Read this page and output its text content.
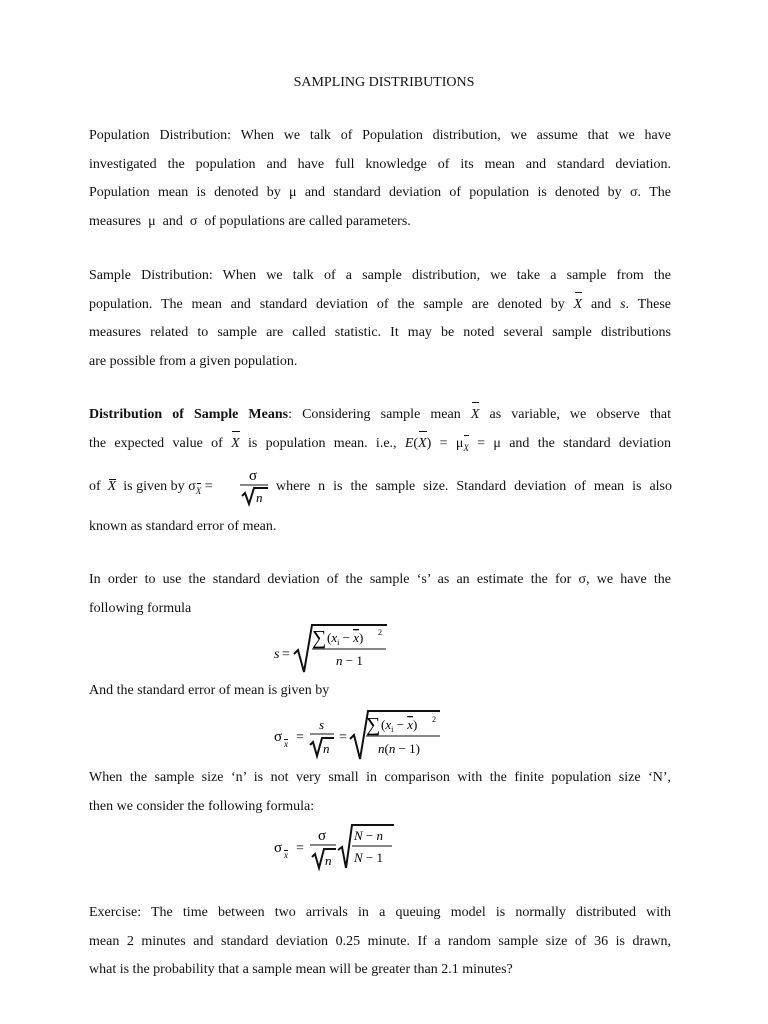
SAMPLING DISTRIBUTIONS
Population Distribution: When we talk of Population distribution, we assume that we have
investigated the population and have full knowledge of its mean and standard deviation.
Population mean is denoted by μ and standard deviation of population is denoted by σ. The
measures μ and σ of populations are called parameters.
Sample Distribution: When we talk of a sample distribution, we take a sample from the
population. The mean and standard deviation of the sample are denoted by X and s. These
measures related to sample are called statistic. It may be noted several sample distributions
are possible from a given population.
Distribution of Sample Means: Considering sample mean X as variable, we observe that
the expected value of X is population mean. i.e., $E(X) = \mu_X = \mu$ and the standard deviation
of X is given by $\sigma_X$ =
σ
n
where n is the sample size. Standard deviation of mean is also
known as standard error of mean.
In order to use the standard deviation of the sample ‘s’ as an estimate the for σ, we have the
following formula
s =
∑ $(x_i - x)$ 2
n − 1
And the standard error of mean is given by
σ x =
s
n
=
∑ $(x_i - x)$ 2
n(n − 1)
When the sample size ‘n’ is not very small in comparison with the finite population size ‘N’,
then we consider the following formula:
σ x =
σ
n
N − n
N − 1
Exercise: The time between two arrivals in a queuing model is normally distributed with
mean 2 minutes and standard deviation 0.25 minute. If a random sample size of 36 is drawn,
what is the probability that a sample mean will be greater than 2.1 minutes?
